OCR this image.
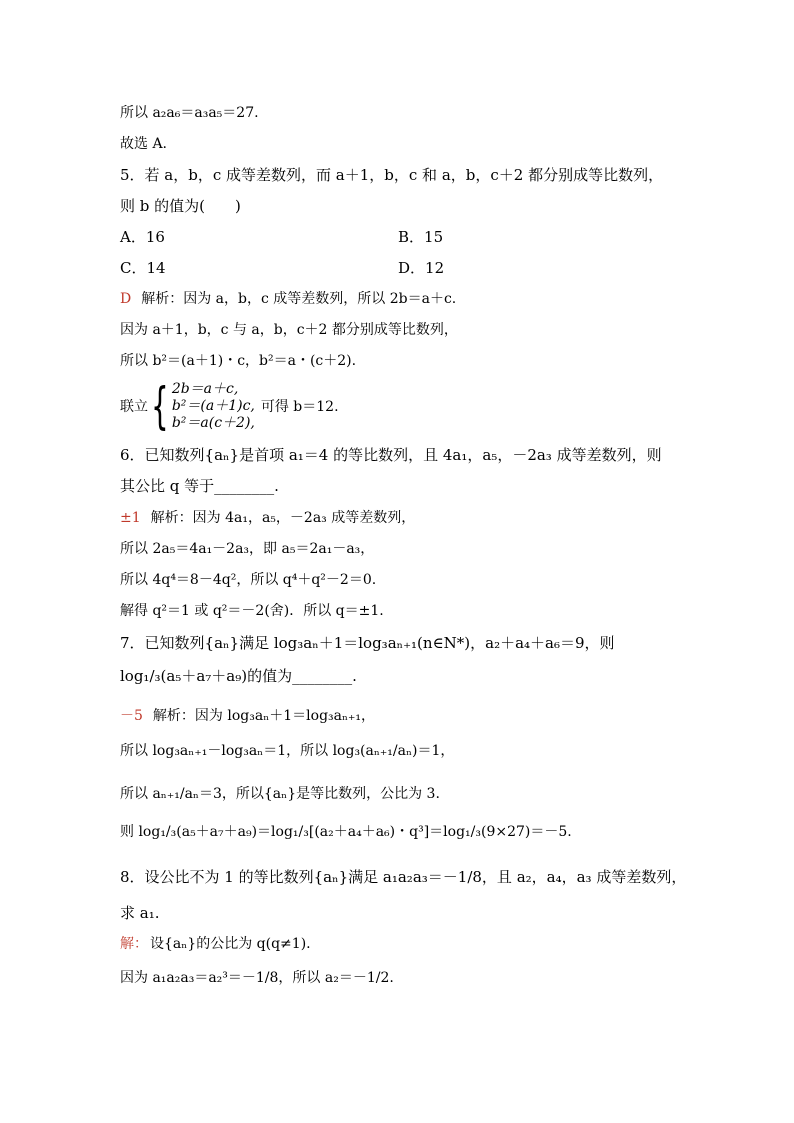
所以 a₂a₆＝a₃a₅＝27.
故选 A.
5．若 a，b，c 成等差数列，而 a＋1，b，c 和 a，b，c＋2 都分别成等比数列，
则 b 的值为(　　)
A．16	B．15
C．14	D．12
D 解析：因为 a，b，c 成等差数列，所以 2b＝a＋c.
因为 a＋1，b，c 与 a，b，c＋2 都分别成等比数列，
所以 b²＝(a＋1)・c，b²＝a・(c＋2).
联立 { 2b＝a＋c,
b²＝(a＋1)c,
b²＝a(c＋2),
可得 b＝12.
6．已知数列{aₙ}是首项 a₁＝4 的等比数列，且 4a₁，a₅，－2a₃ 成等差数列，则
其公比 q 等于________.
±1 解析：因为 4a₁，a₅，－2a₃ 成等差数列，
所以 2a₅＝4a₁－2a₃，即 a₅＝2a₁－a₃，
所以 4q⁴＝8－4q²，所以 q⁴＋q²－2＝0.
解得 q²＝1 或 q²＝－2(舍)．所以 q＝±1.
7．已知数列{aₙ}满足 log₃aₙ＋1＝log₃aₙ₊₁(n∈N*)，a₂＋a₄＋a₆＝9，则
log₁/₃(a₅＋a₇＋a₉)的值为________.
－5 解析：因为 log₃aₙ＋1＝log₃aₙ₊₁，
所以 log₃aₙ₊₁－log₃aₙ＝1，所以 log₃(aₙ₊₁/aₙ)＝1，
所以 aₙ₊₁/aₙ＝3，所以{aₙ}是等比数列，公比为 3.
则 log₁/₃(a₅＋a₇＋a₉)＝log₁/₃[(a₂＋a₄＋a₆)・q³]＝log₁/₃(9×27)＝－5.
8．设公比不为 1 的等比数列{aₙ}满足 a₁a₂a₃＝－1/8，且 a₂，a₄，a₃ 成等差数列，
求 a₁.
解： 设{aₙ}的公比为 q(q≠1).
因为 a₁a₂a₃＝a₂³＝－1/8，所以 a₂＝－1/2.
